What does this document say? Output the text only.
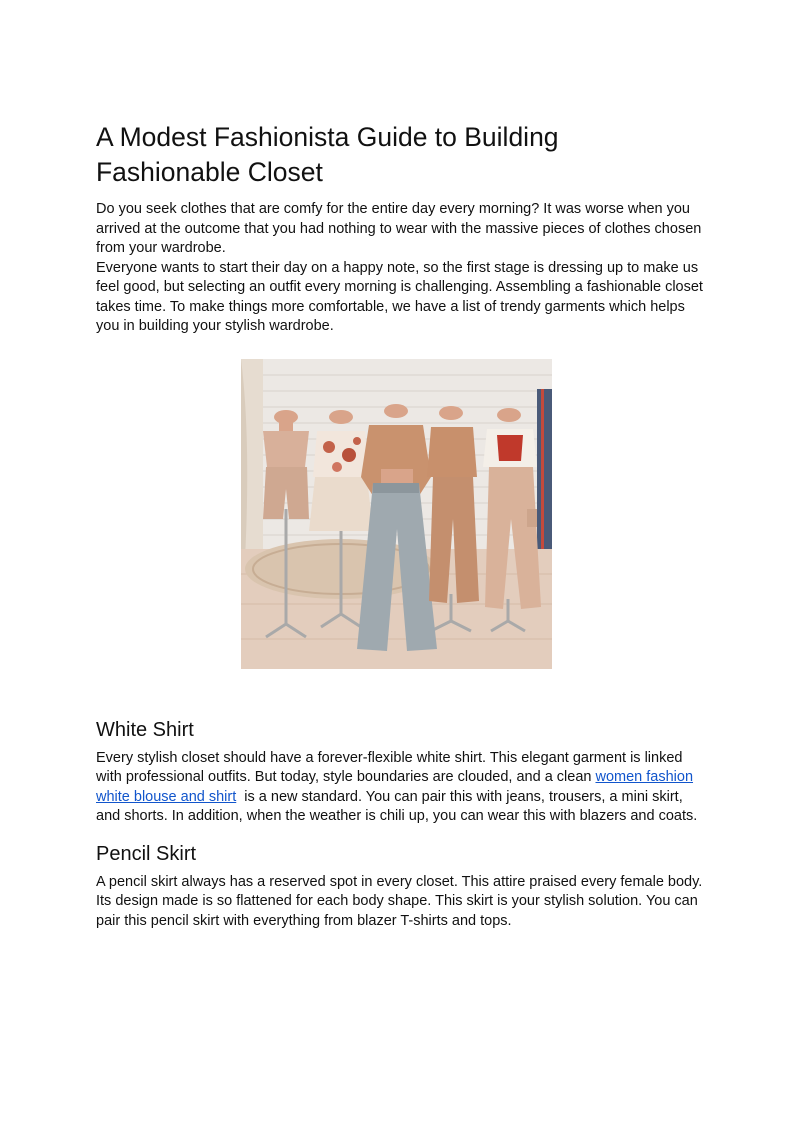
A Modest Fashionista Guide to Building Fashionable Closet

Do you seek clothes that are comfy for the entire day every morning? It was worse when you arrived at the outcome that you had nothing to wear with the massive pieces of clothes chosen from your wardrobe.

Everyone wants to start their day on a happy note, so the first stage is dressing up to make us feel good, but selecting an outfit every morning is challenging. Assembling a fashionable closet takes time. To make things more comfortable, we have a list of trendy garments which helps you in building your stylish wardrobe.

White Shirt

Every stylish closet should have a forever-flexible white shirt. This elegant garment is linked with professional outfits. But today, style boundaries are clouded, and a clean women fashion white blouse and shirt  is a new standard. You can pair this with jeans, trousers, a mini skirt, and shorts. In addition, when the weather is chili up, you can wear this with blazers and coats.

Pencil Skirt

A pencil skirt always has a reserved spot in every closet. This attire praised every female body. Its design made is so flattened for each body shape. This skirt is your stylish solution. You can pair this pencil skirt with everything from blazer T-shirts and tops.
